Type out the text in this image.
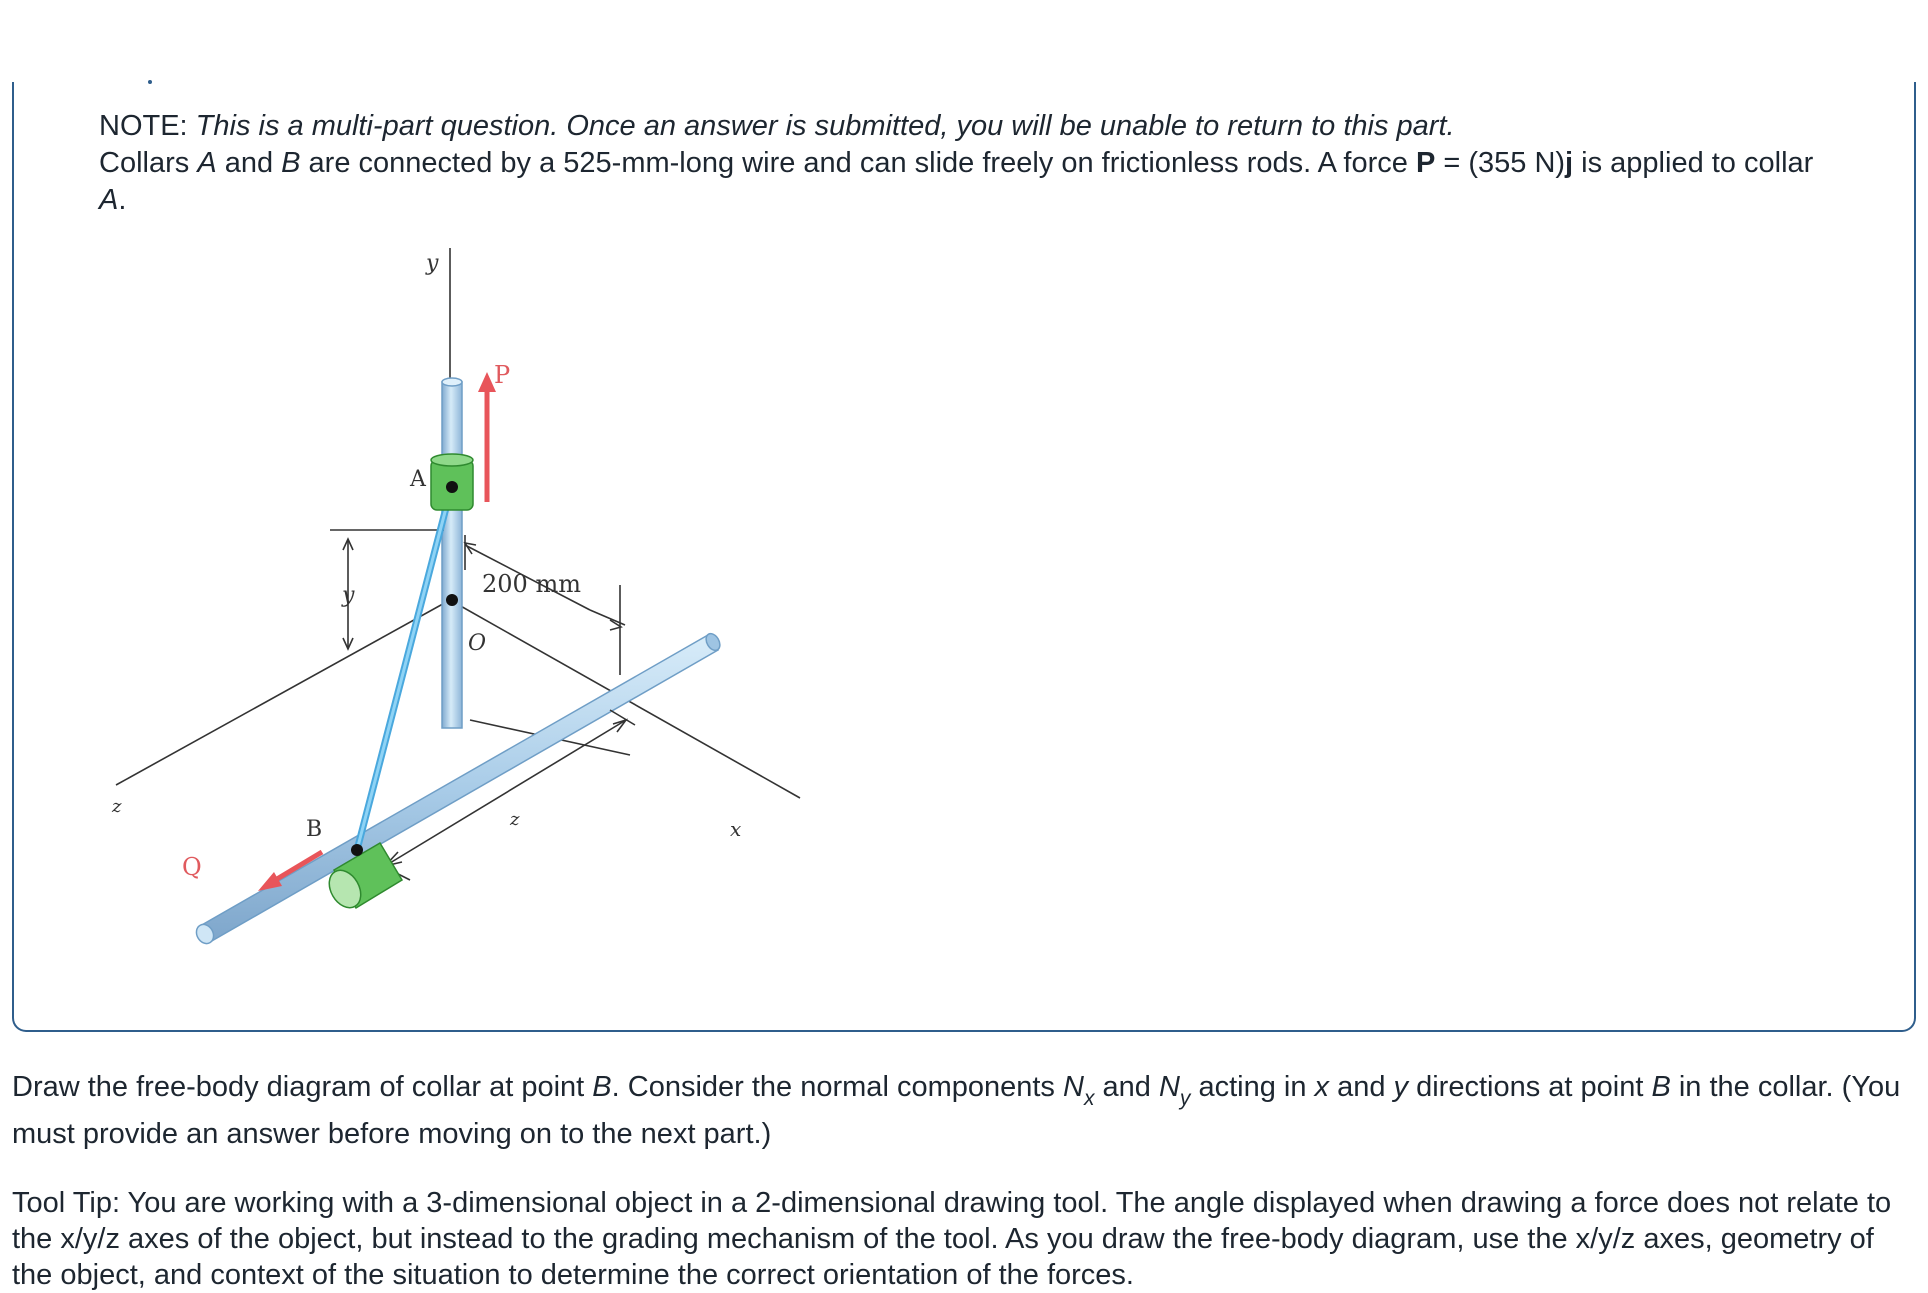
NOTE: This is a multi-part question. Once an answer is submitted, you will be unable to return to this part.
Collars A and B are connected by a 525-mm-long wire and can slide freely on frictionless rods. A force P = (355 N)j is applied to collar A.
y
y
O
z
z	x
P
A
200 mm
B
Q
Draw the free-body diagram of collar at point B. Consider the normal components $N_x$ and $N_y$ acting in x and y directions at point B in the collar. (You must provide an answer before moving on to the next part.)
Tool Tip: You are working with a 3-dimensional object in a 2-dimensional drawing tool. The angle displayed when drawing a force does not relate to the x/y/z axes of the object, but instead to the grading mechanism of the tool. As you draw the free-body diagram, use the x/y/z axes, geometry of the object, and context of the situation to determine the correct orientation of the forces.
